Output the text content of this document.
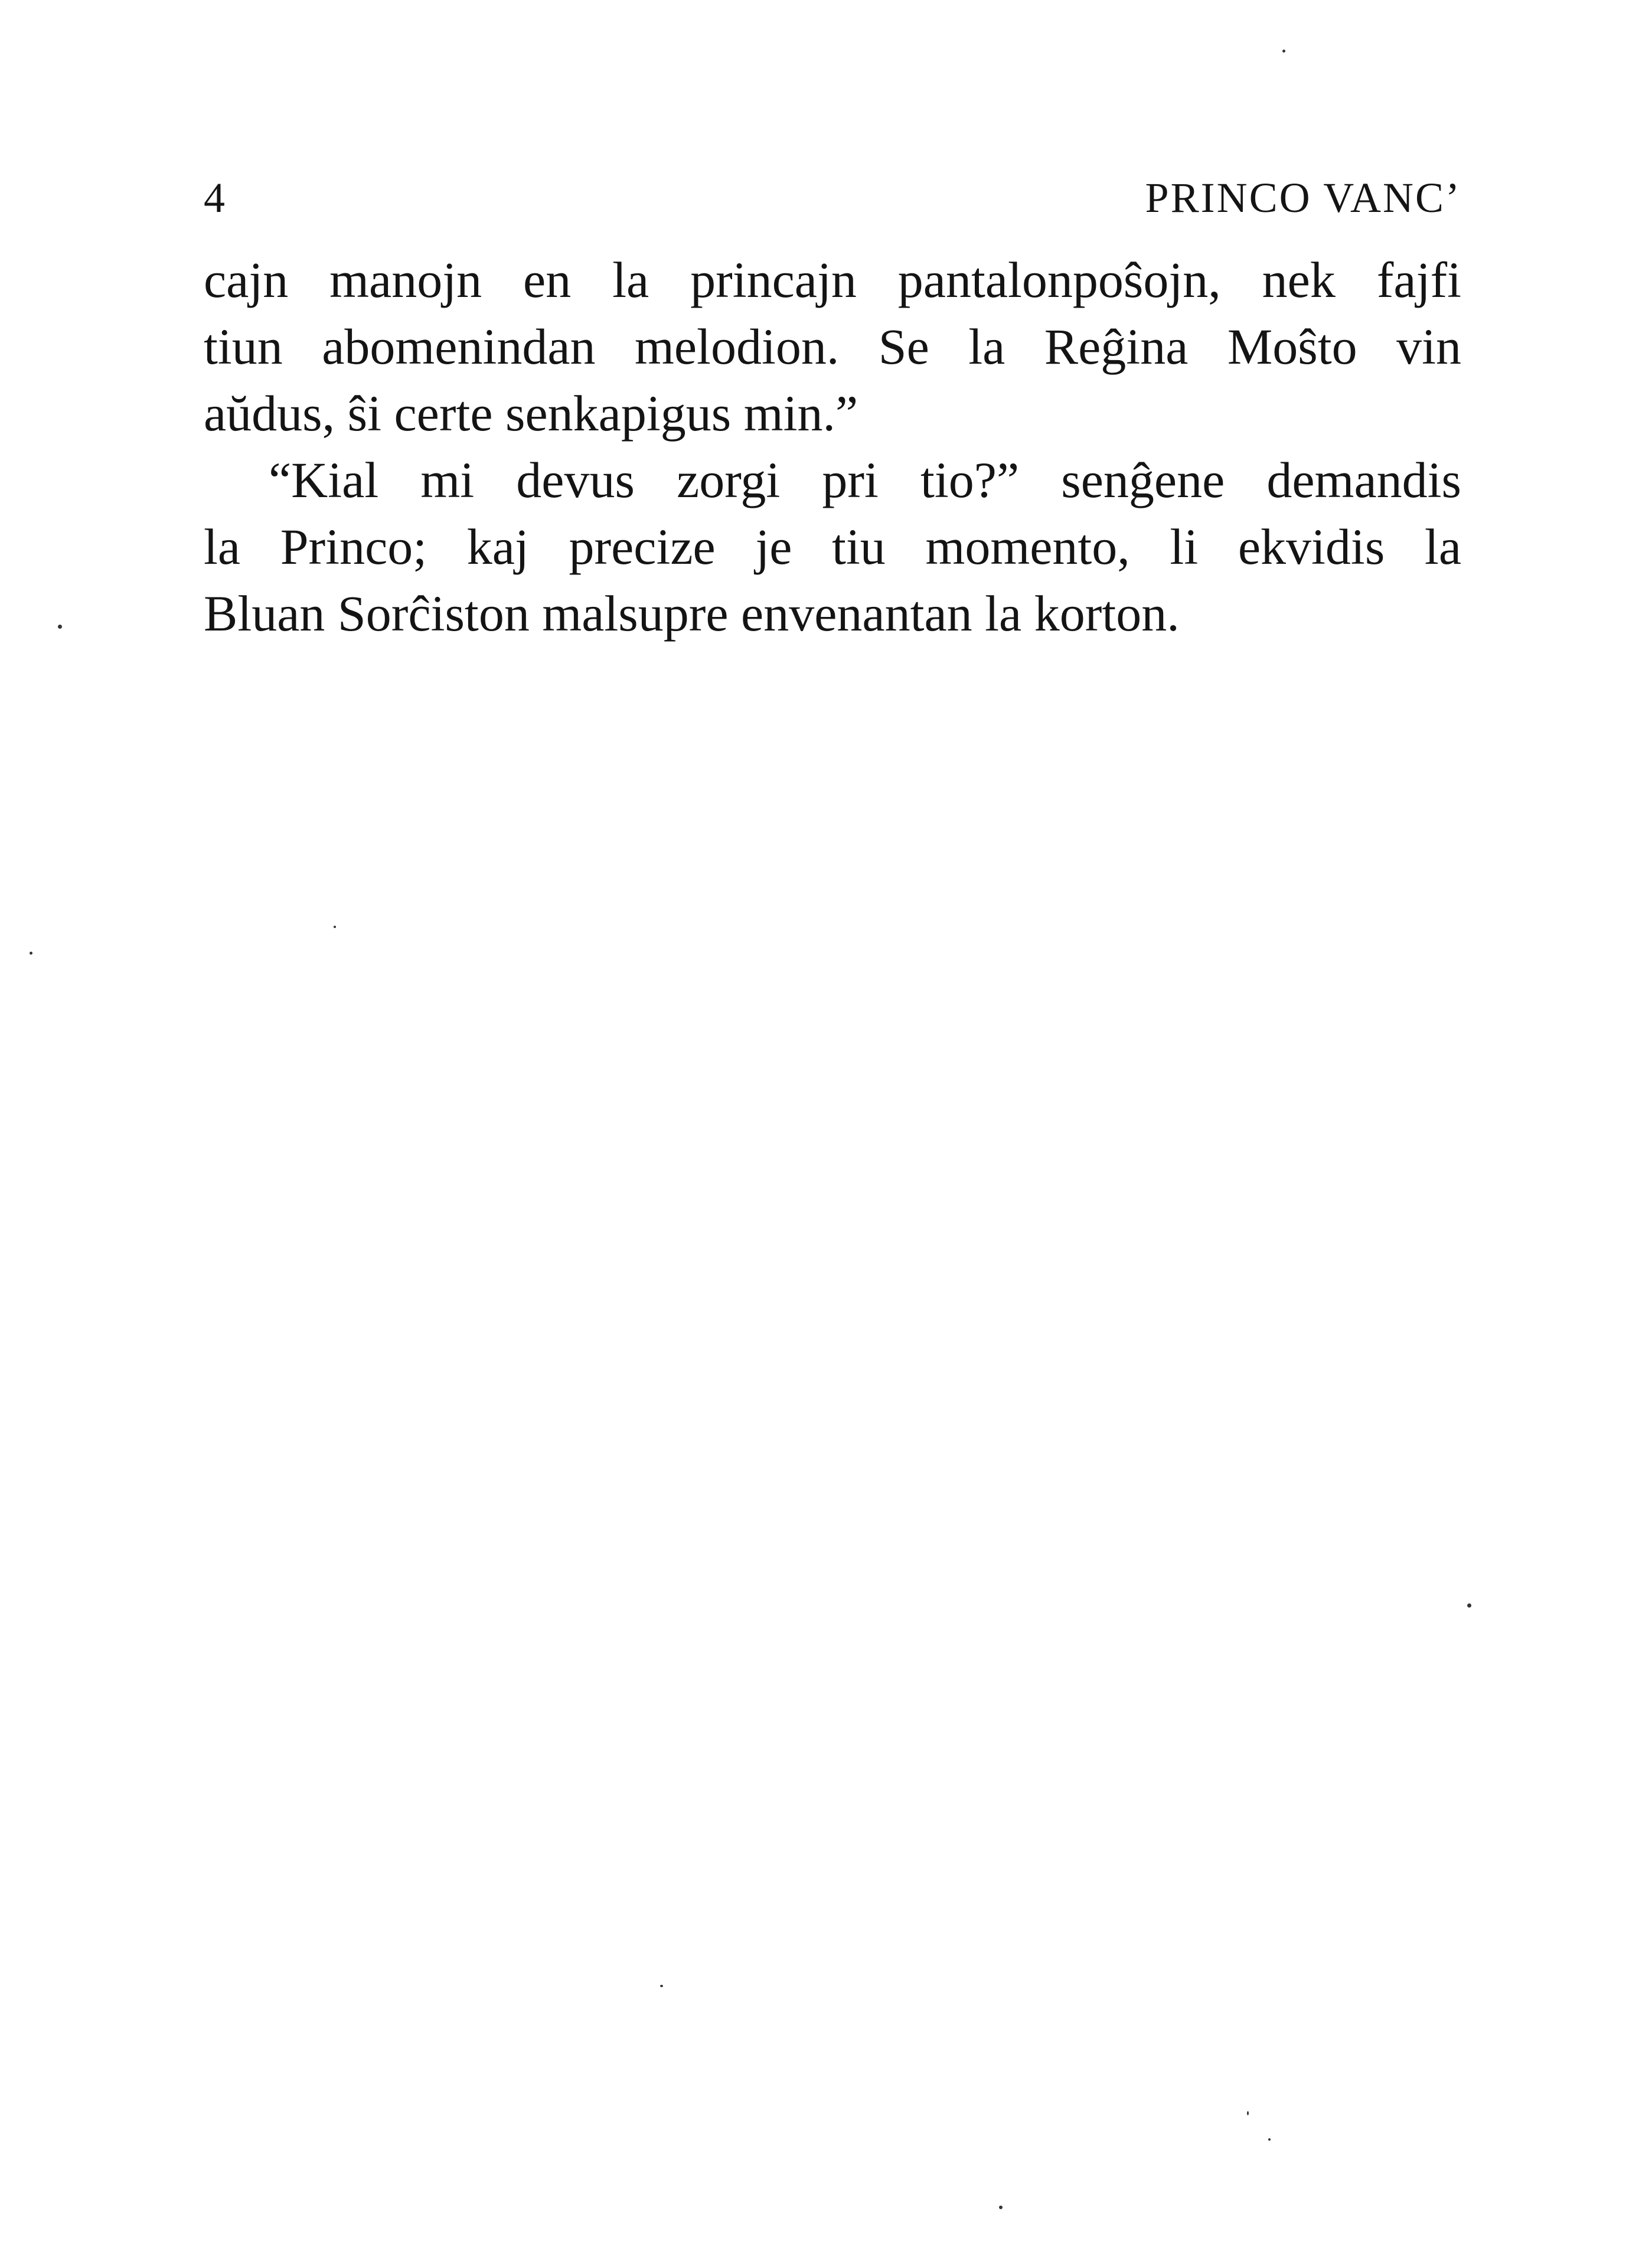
4	PRINCO VANC’
cajn manojn en la princajn pantalonpoŝojn, nek fajfi
tiun abomenindan melodion. Se la Reĝina Moŝto vin
aŭdus, ŝi certe senkapigus min.”
“Kial mi devus zorgi pri tio?” senĝene demandis
la Princo; kaj precize je tiu momento, li ekvidis la
Bluan Sorĉiston malsupre envenantan la korton.
